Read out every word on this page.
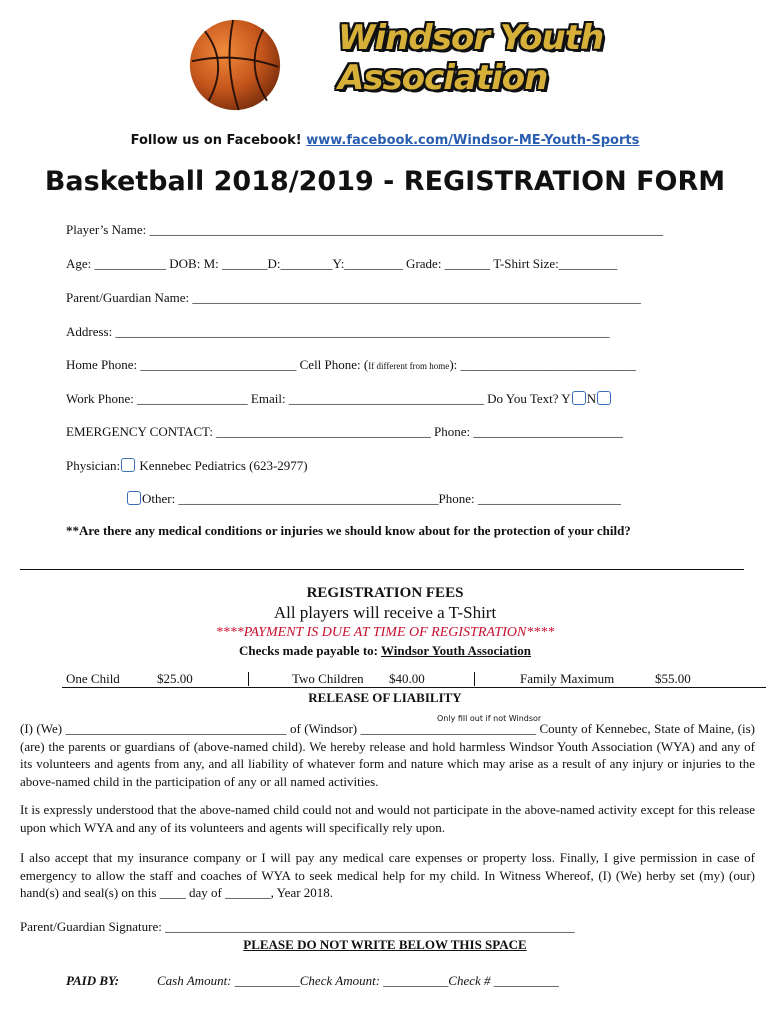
Windsor Youth
Association
Follow us on Facebook! www.facebook.com/Windsor-ME-Youth-Sports
Basketball 2018/2019 - REGISTRATION FORM
Player’s Name: _______________________________________________________________________________
Age: ___________ DOB: M: _______D:________Y:_________ Grade: _______ T-Shirt Size:_________
Parent/Guardian Name: _____________________________________________________________________
Address: ____________________________________________________________________________
Home Phone: ________________________ Cell Phone: (If different from home): ___________________________
Work Phone: _________________ Email: ______________________________ Do You Text? Y N
EMERGENCY CONTACT: _________________________________ Phone: _______________________
Physician: Kennebec Pediatrics (623-2977)
Other: ________________________________________Phone: ______________________
**Are there any medical conditions or injuries we should know about for the protection of your child?
REGISTRATION FEES
All players will receive a T-Shirt
****PAYMENT IS DUE AT TIME OF REGISTRATION****
Checks made payable to: Windsor Youth Association
One Child	$25.00	Two Children $40.00	Family Maximum	$55.00
RELEASE OF LIABILITY
Only fill out if not Windsor
(I) (We) __________________________________ of (Windsor) ___________________________ County of Kennebec, State of Maine, (is) (are) the parents or guardians of (above-named child). We hereby release and hold harmless Windsor Youth Association (WYA) and any of its volunteers and agents from any, and all liability of whatever form and nature which may arise as a result of any injury or injuries to the above-named child in the participation of any or all named activities.
It is expressly understood that the above-named child could not and would not participate in the above-named activity except for this release upon which WYA and any of its volunteers and agents will specifically rely upon.
I also accept that my insurance company or I will pay any medical care expenses or property loss. Finally, I give permission in case of emergency to allow the staff and coaches of WYA to seek medical help for my child. In Witness Whereof, (I) (We) herby set (my) (our) hand(s) and seal(s) on this ____ day of _______, Year 2018.
Parent/Guardian Signature: _______________________________________________________________
PLEASE DO NOT WRITE BELOW THIS SPACE
PAID BY:	Cash Amount: __________Check Amount: __________Check # __________
